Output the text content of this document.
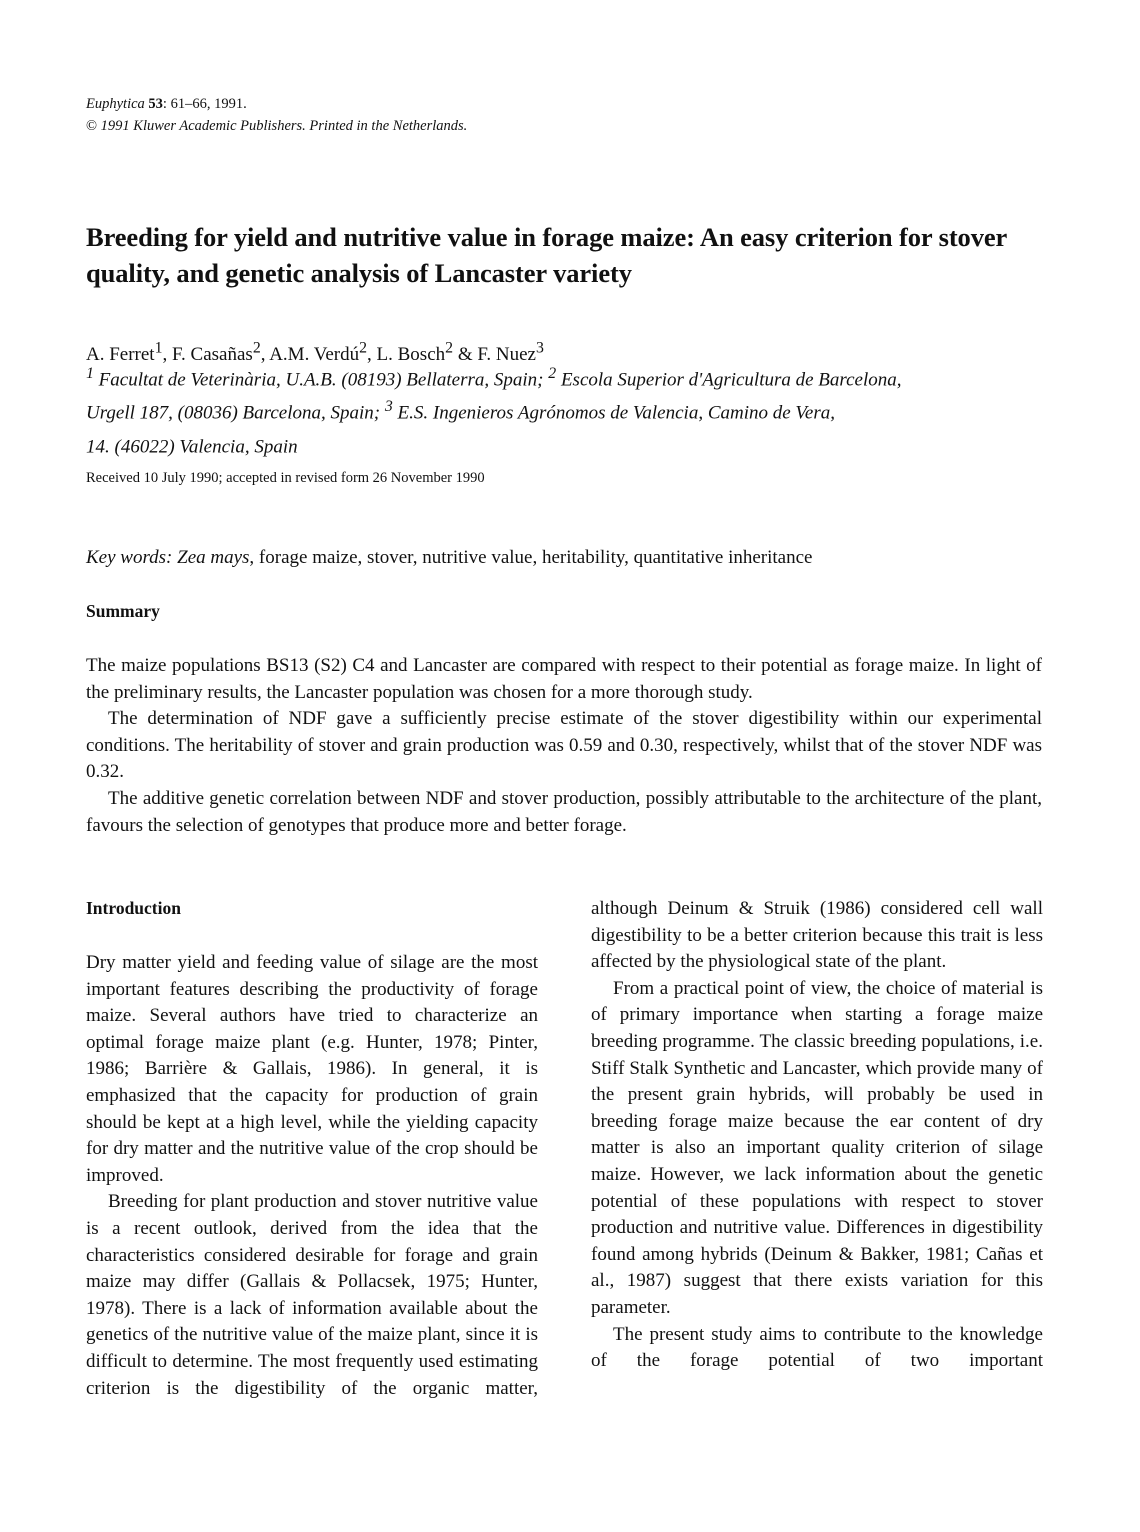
Euphytica 53: 61–66, 1991.
© 1991 Kluwer Academic Publishers. Printed in the Netherlands.
Breeding for yield and nutritive value in forage maize: An easy criterion for stover quality, and genetic analysis of Lancaster variety
A. Ferret$^1$, F. Casañas$^2$, A.M. Verdú$^2$, L. Bosch$^2$ & F. Nuez$^3$
$^1$ Facultat de Veterinària, U.A.B. (08193) Bellaterra, Spain; $^2$ Escola Superior d'Agricultura de Barcelona,
Urgell 187, (08036) Barcelona, Spain; $^3$ E.S. Ingenieros Agrónomos de Valencia, Camino de Vera,
14. (46022) Valencia, Spain
Received 10 July 1990; accepted in revised form 26 November 1990
Key words: Zea mays, forage maize, stover, nutritive value, heritability, quantitative inheritance
Summary

The maize populations BS13 (S2) C4 and Lancaster are compared with respect to their potential as forage maize. In light of the preliminary results, the Lancaster population was chosen for a more thorough study.

The determination of NDF gave a sufficiently precise estimate of the stover digestibility within our experimental conditions. The heritability of stover and grain production was 0.59 and 0.30, respectively, whilst that of the stover NDF was 0.32.

The additive genetic correlation between NDF and stover production, possibly attributable to the architecture of the plant, favours the selection of genotypes that produce more and better forage.

Introduction

Dry matter yield and feeding value of silage are the most important features describing the productivity of forage maize. Several authors have tried to characterize an optimal forage maize plant (e.g. Hunter, 1978; Pinter, 1986; Barrière & Gallais, 1986). In general, it is emphasized that the capacity for production of grain should be kept at a high level, while the yielding capacity for dry matter and the nutritive value of the crop should be improved.

Breeding for plant production and stover nutritive value is a recent outlook, derived from the idea that the characteristics considered desirable for forage and grain maize may differ (Gallais & Pollacsek, 1975; Hunter, 1978). There is a lack of information available about the genetics of the nutritive value of the maize plant, since it is difficult to determine. The most frequently used estimating criterion is the digestibility of the organic matter,

although Deinum & Struik (1986) considered cell wall digestibility to be a better criterion because this trait is less affected by the physiological state of the plant.

From a practical point of view, the choice of material is of primary importance when starting a forage maize breeding programme. The classic breeding populations, i.e. Stiff Stalk Synthetic and Lancaster, which provide many of the present grain hybrids, will probably be used in breeding forage maize because the ear content of dry matter is also an important quality criterion of silage maize. However, we lack information about the genetic potential of these populations with respect to stover production and nutritive value. Differences in digestibility found among hybrids (Deinum & Bakker, 1981; Cañas et al., 1987) suggest that there exists variation for this parameter.

The present study aims to contribute to the knowledge of the forage potential of two important
